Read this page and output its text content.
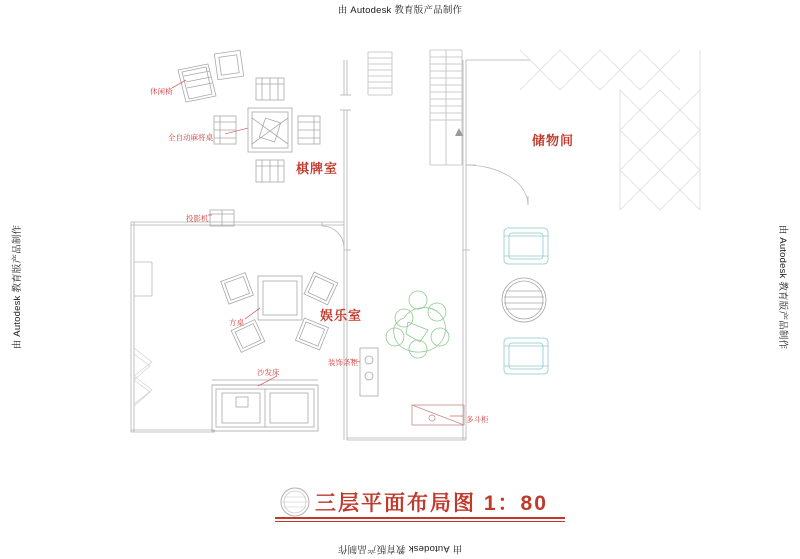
由 Autodesk 教育版产品制作
由 Autodesk 教育版产品制作
由 Autodesk 教育版产品制作	由 Autodesk 教育版产品制作
棋牌室
储物间
娱乐室
休闲椅
全自动麻将桌
投影机
方桌
沙发床
装饰条柜
多斗柜
三层平面布局图 1：80
